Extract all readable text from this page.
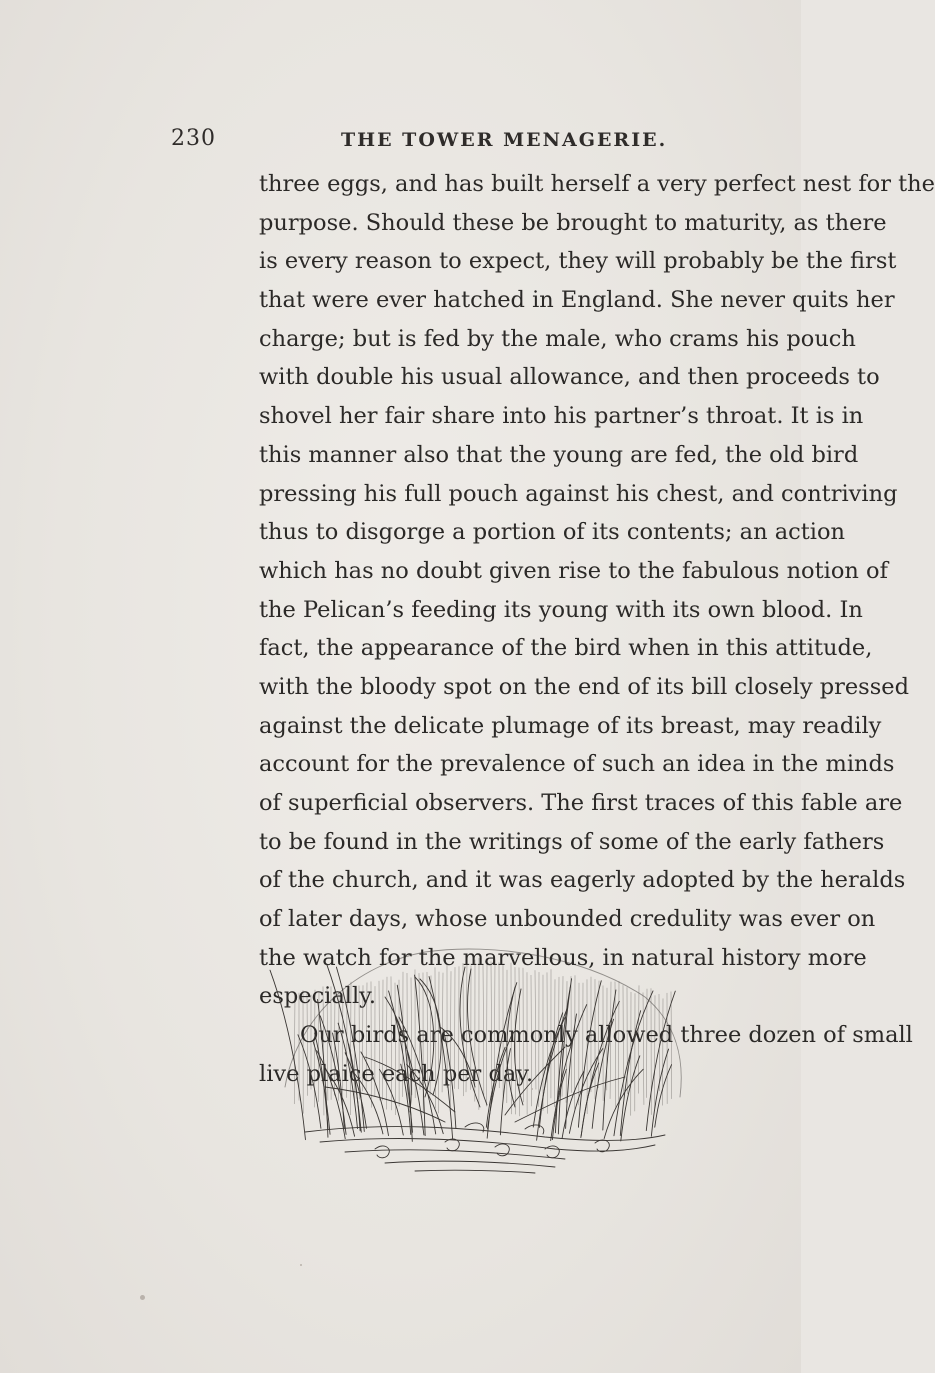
230	THE TOWER MENAGERIE.
three eggs, and has built herself a very perfect nest for the
purpose. Should these be brought to maturity, as there
is every reason to expect, they will probably be the first
that were ever hatched in England. She never quits her
charge; but is fed by the male, who crams his pouch
with double his usual allowance, and then proceeds to
shovel her fair share into his partner’s throat. It is in
this manner also that the young are fed, the old bird
pressing his full pouch against his chest, and contriving
thus to disgorge a portion of its contents; an action
which has no doubt given rise to the fabulous notion of
the Pelican’s feeding its young with its own blood. In
fact, the appearance of the bird when in this attitude,
with the bloody spot on the end of its bill closely pressed
against the delicate plumage of its breast, may readily
account for the prevalence of such an idea in the minds
of superficial observers. The first traces of this fable are
to be found in the writings of some of the early fathers
of the church, and it was eagerly adopted by the heralds
of later days, whose unbounded credulity was ever on
the watch for the marvellous, in natural history more
especially.
Our birds are commonly allowed three dozen of small
live plaice each per day.
